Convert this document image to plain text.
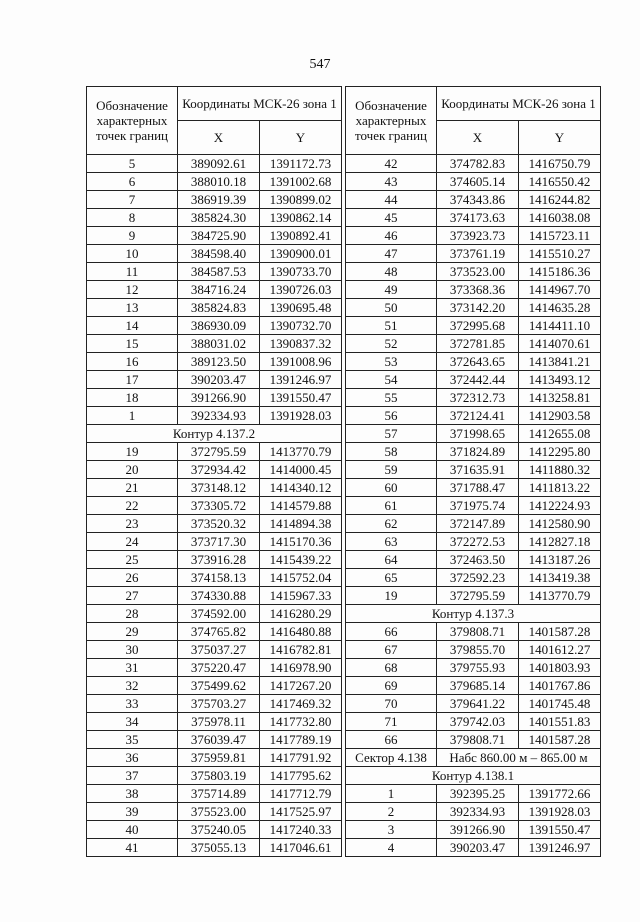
547
Обозначение характерных точек границ	Координаты МСК-26 зона 1	
	X	Y
5	389092.61	1391172.73
6	388010.18	1391002.68
7	386919.39	1390899.02
8	385824.30	1390862.14
9	384725.90	1390892.41
10	384598.40	1390900.01
11	384587.53	1390733.70
12	384716.24	1390726.03
13	385824.83	1390695.48
14	386930.09	1390732.70
15	388031.02	1390837.32
16	389123.50	1391008.96
17	390203.47	1391246.97
18	391266.90	1391550.47
1	392334.93	1391928.03
Контур 4.137.2		
19	372795.59	1413770.79
20	372934.42	1414000.45
21	373148.12	1414340.12
22	373305.72	1414579.88
23	373520.32	1414894.38
24	373717.30	1415170.36
25	373916.28	1415439.22
26	374158.13	1415752.04
27	374330.88	1415967.33
28	374592.00	1416280.29
29	374765.82	1416480.88
30	375037.27	1416782.81
31	375220.47	1416978.90
32	375499.62	1417267.20
33	375703.27	1417469.32
34	375978.11	1417732.80
35	376039.47	1417789.19
36	375959.81	1417791.92
37	375803.19	1417795.62
38	375714.89	1417712.79
39	375523.00	1417525.97
40	375240.05	1417240.33
41	375055.13	1417046.61
Обозначение характерных точек границ	Координаты МСК-26 зона 1	
	X	Y
42	374782.83	1416750.79
43	374605.14	1416550.42
44	374343.86	1416244.82
45	374173.63	1416038.08
46	373923.73	1415723.11
47	373761.19	1415510.27
48	373523.00	1415186.36
49	373368.36	1414967.70
50	373142.20	1414635.28
51	372995.68	1414411.10
52	372781.85	1414070.61
53	372643.65	1413841.21
54	372442.44	1413493.12
55	372312.73	1413258.81
56	372124.41	1412903.58
57	371998.65	1412655.08
58	371824.89	1412295.80
59	371635.91	1411880.32
60	371788.47	1411813.22
61	371975.74	1412224.93
62	372147.89	1412580.90
63	372272.53	1412827.18
64	372463.50	1413187.26
65	372592.23	1413419.38
19	372795.59	1413770.79
Контур 4.137.3		
66	379808.71	1401587.28
67	379855.70	1401612.27
68	379755.93	1401803.93
69	379685.14	1401767.86
70	379641.22	1401745.48
71	379742.03	1401551.83
66	379808.71	1401587.28
Сектор 4.138	Набс 860.00 м – 865.00 м	
Контур 4.138.1		
1	392395.25	1391772.66
2	392334.93	1391928.03
3	391266.90	1391550.47
4	390203.47	1391246.97
